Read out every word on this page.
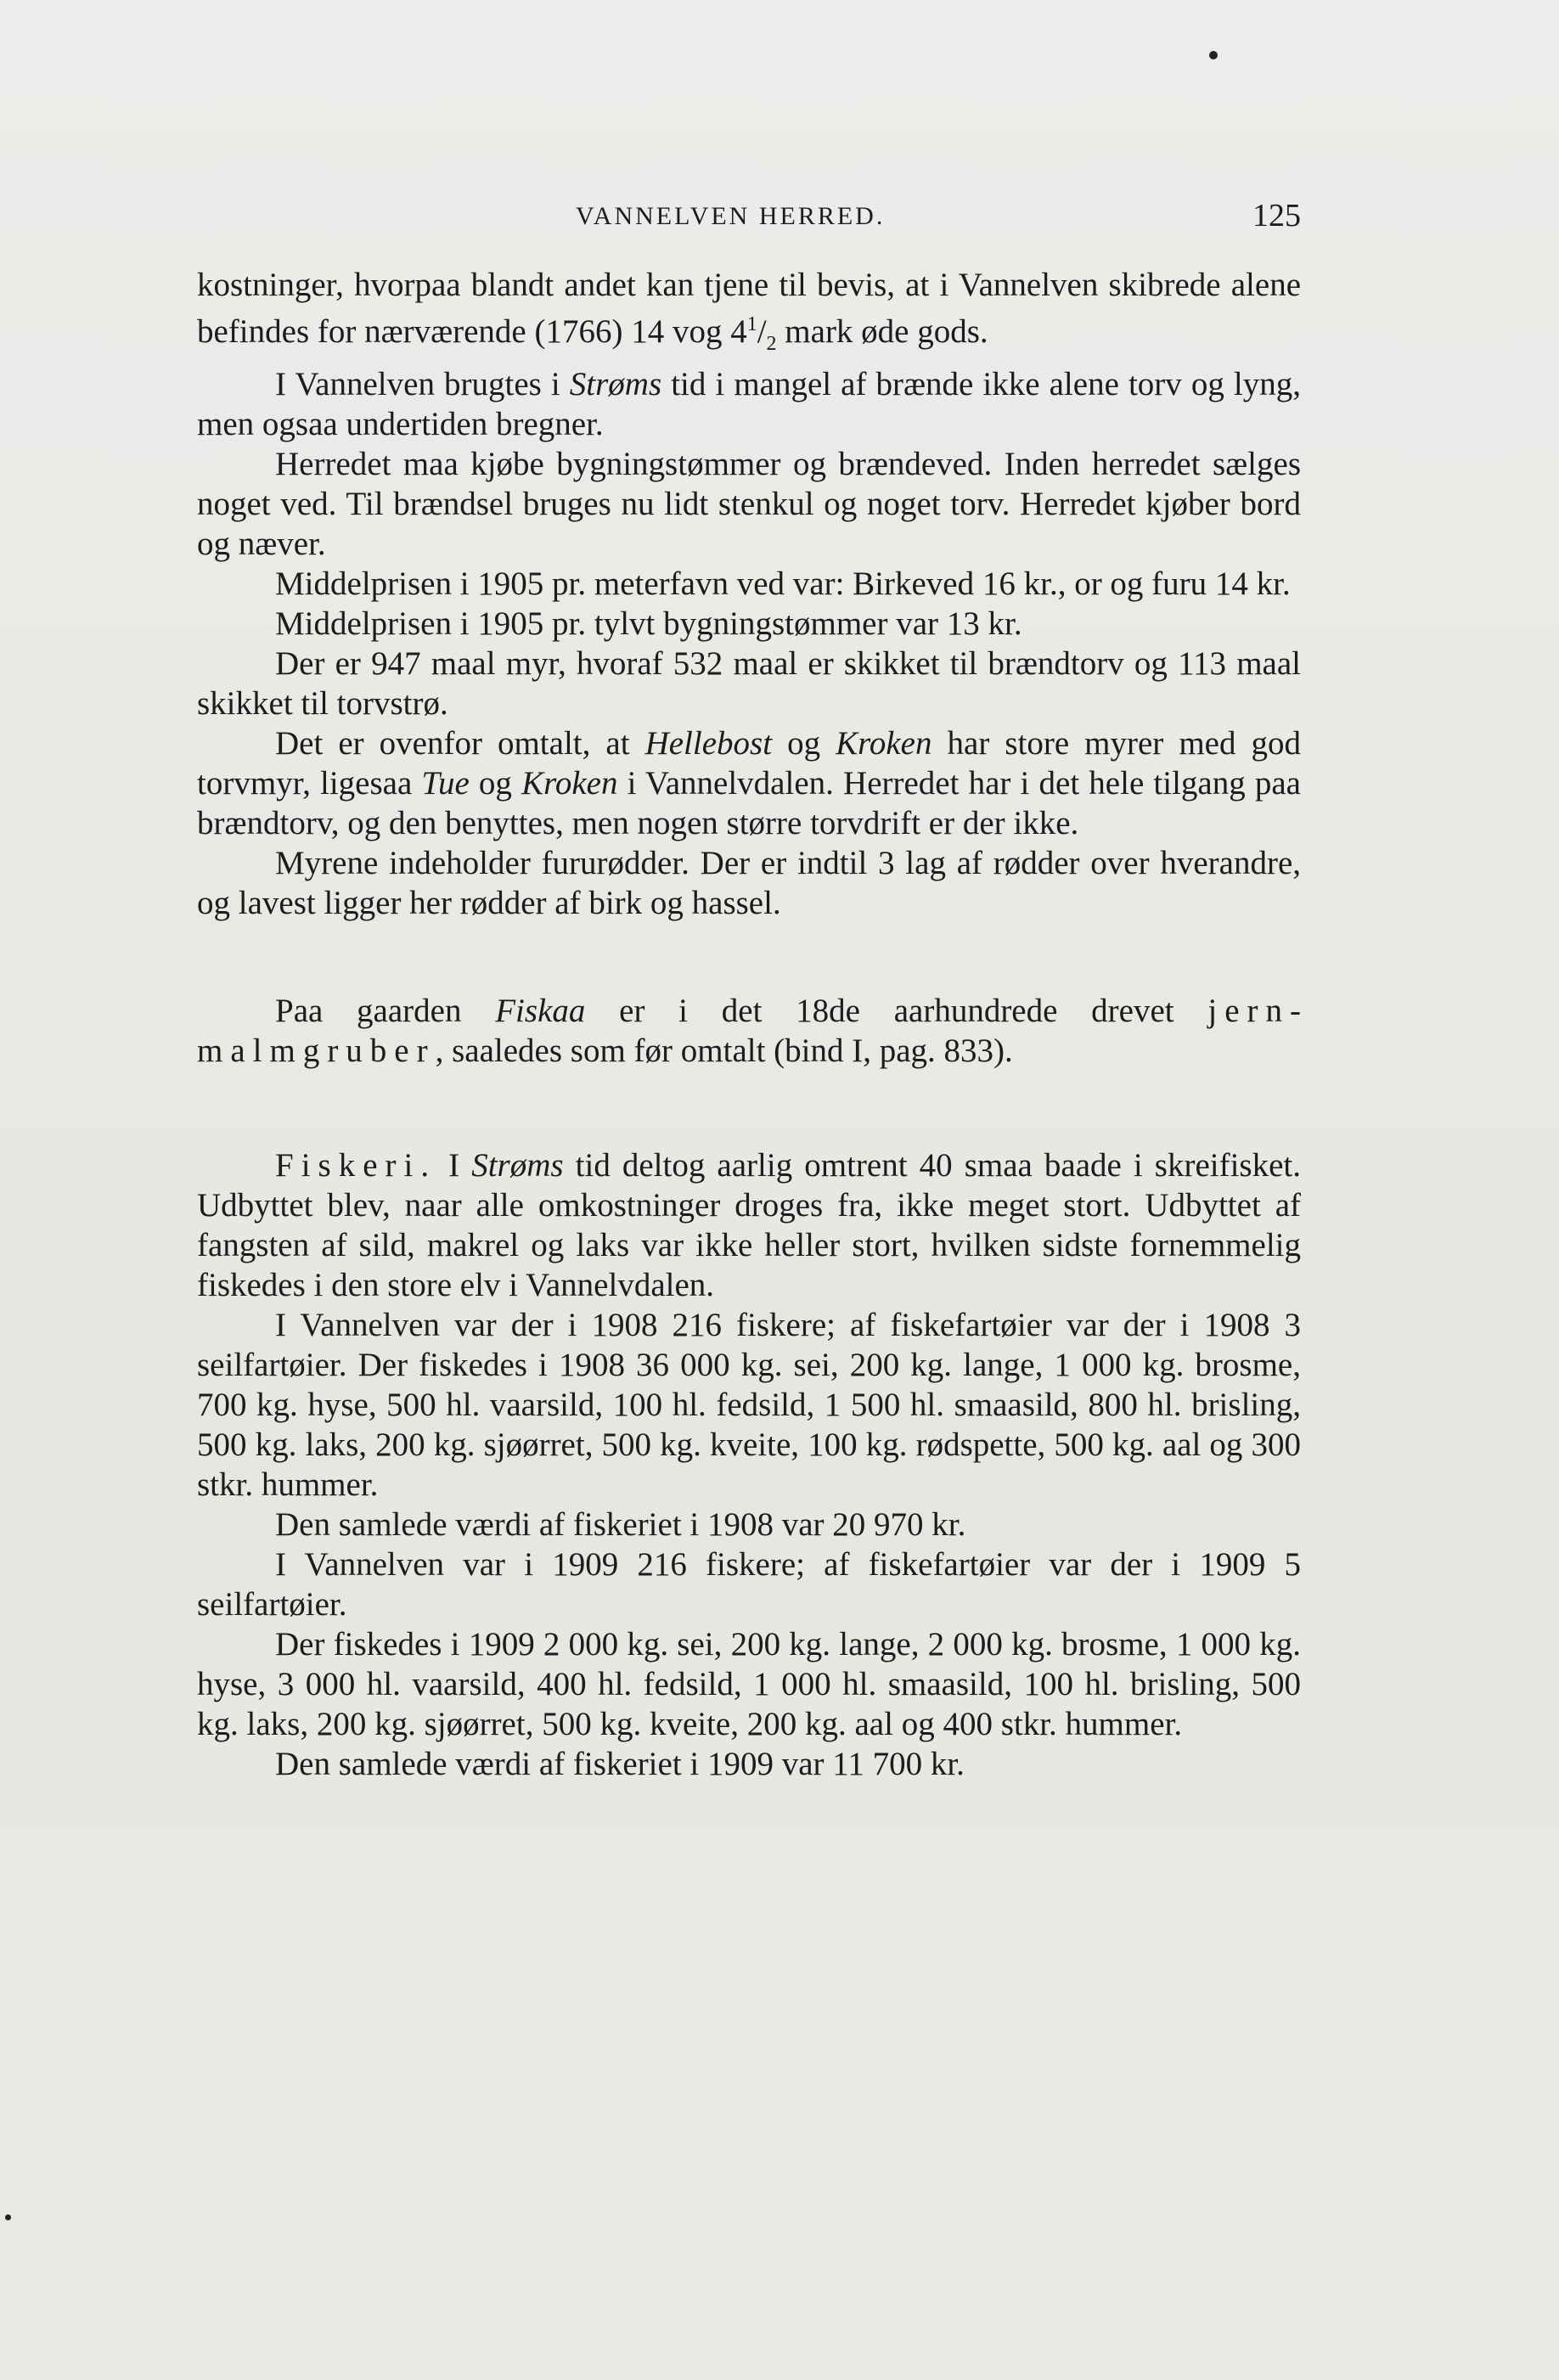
VANNELVEN HERRED.	125

kostninger, hvorpaa blandt andet kan tjene til bevis, at i Vannelven skibrede alene befindes for nærværende (1766) 14 vog $4^1/_2$ mark øde gods.

I Vannelven brugtes i Strøms tid i mangel af brænde ikke alene torv og lyng, men ogsaa undertiden bregner.

Herredet maa kjøbe bygningstømmer og brændeved. Inden herredet sælges noget ved. Til brændsel bruges nu lidt stenkul og noget torv. Herredet kjøber bord og næver.

Middelprisen i 1905 pr. meterfavn ved var: Birkeved 16 kr., or og furu 14 kr.

Middelprisen i 1905 pr. tylvt bygningstømmer var 13 kr.

Der er 947 maal myr, hvoraf 532 maal er skikket til brændtorv og 113 maal skikket til torvstrø.

Det er ovenfor omtalt, at Hellebost og Kroken har store myrer med god torvmyr, ligesaa Tue og Kroken i Vannelvdalen. Herredet har i det hele tilgang paa brændtorv, og den benyttes, men nogen større torvdrift er der ikke.

Myrene indeholder fururødder. Der er indtil 3 lag af rødder over hverandre, og lavest ligger her rødder af birk og hassel.

Paa gaarden Fiskaa er i det 18de aarhundrede drevet jernmalmgruber, saaledes som før omtalt (bind I, pag. 833).

Fiskeri. I Strøms tid deltog aarlig omtrent 40 smaa baade i skreifisket. Udbyttet blev, naar alle omkostninger droges fra, ikke meget stort. Udbyttet af fangsten af sild, makrel og laks var ikke heller stort, hvilken sidste fornemmelig fiskedes i den store elv i Vannelvdalen.

I Vannelven var der i 1908 216 fiskere; af fiskefartøier var der i 1908 3 seilfartøier. Der fiskedes i 1908 36 000 kg. sei, 200 kg. lange, 1 000 kg. brosme, 700 kg. hyse, 500 hl. vaarsild, 100 hl. fedsild, 1 500 hl. smaasild, 800 hl. brisling, 500 kg. laks, 200 kg. sjøørret, 500 kg. kveite, 100 kg. rødspette, 500 kg. aal og 300 stkr. hummer.

Den samlede værdi af fiskeriet i 1908 var 20 970 kr.

I Vannelven var i 1909 216 fiskere; af fiskefartøier var der i 1909 5 seilfartøier.

Der fiskedes i 1909 2 000 kg. sei, 200 kg. lange, 2 000 kg. brosme, 1 000 kg. hyse, 3 000 hl. vaarsild, 400 hl. fedsild, 1 000 hl. smaasild, 100 hl. brisling, 500 kg. laks, 200 kg. sjøørret, 500 kg. kveite, 200 kg. aal og 400 stkr. hummer.

Den samlede værdi af fiskeriet i 1909 var 11 700 kr.
